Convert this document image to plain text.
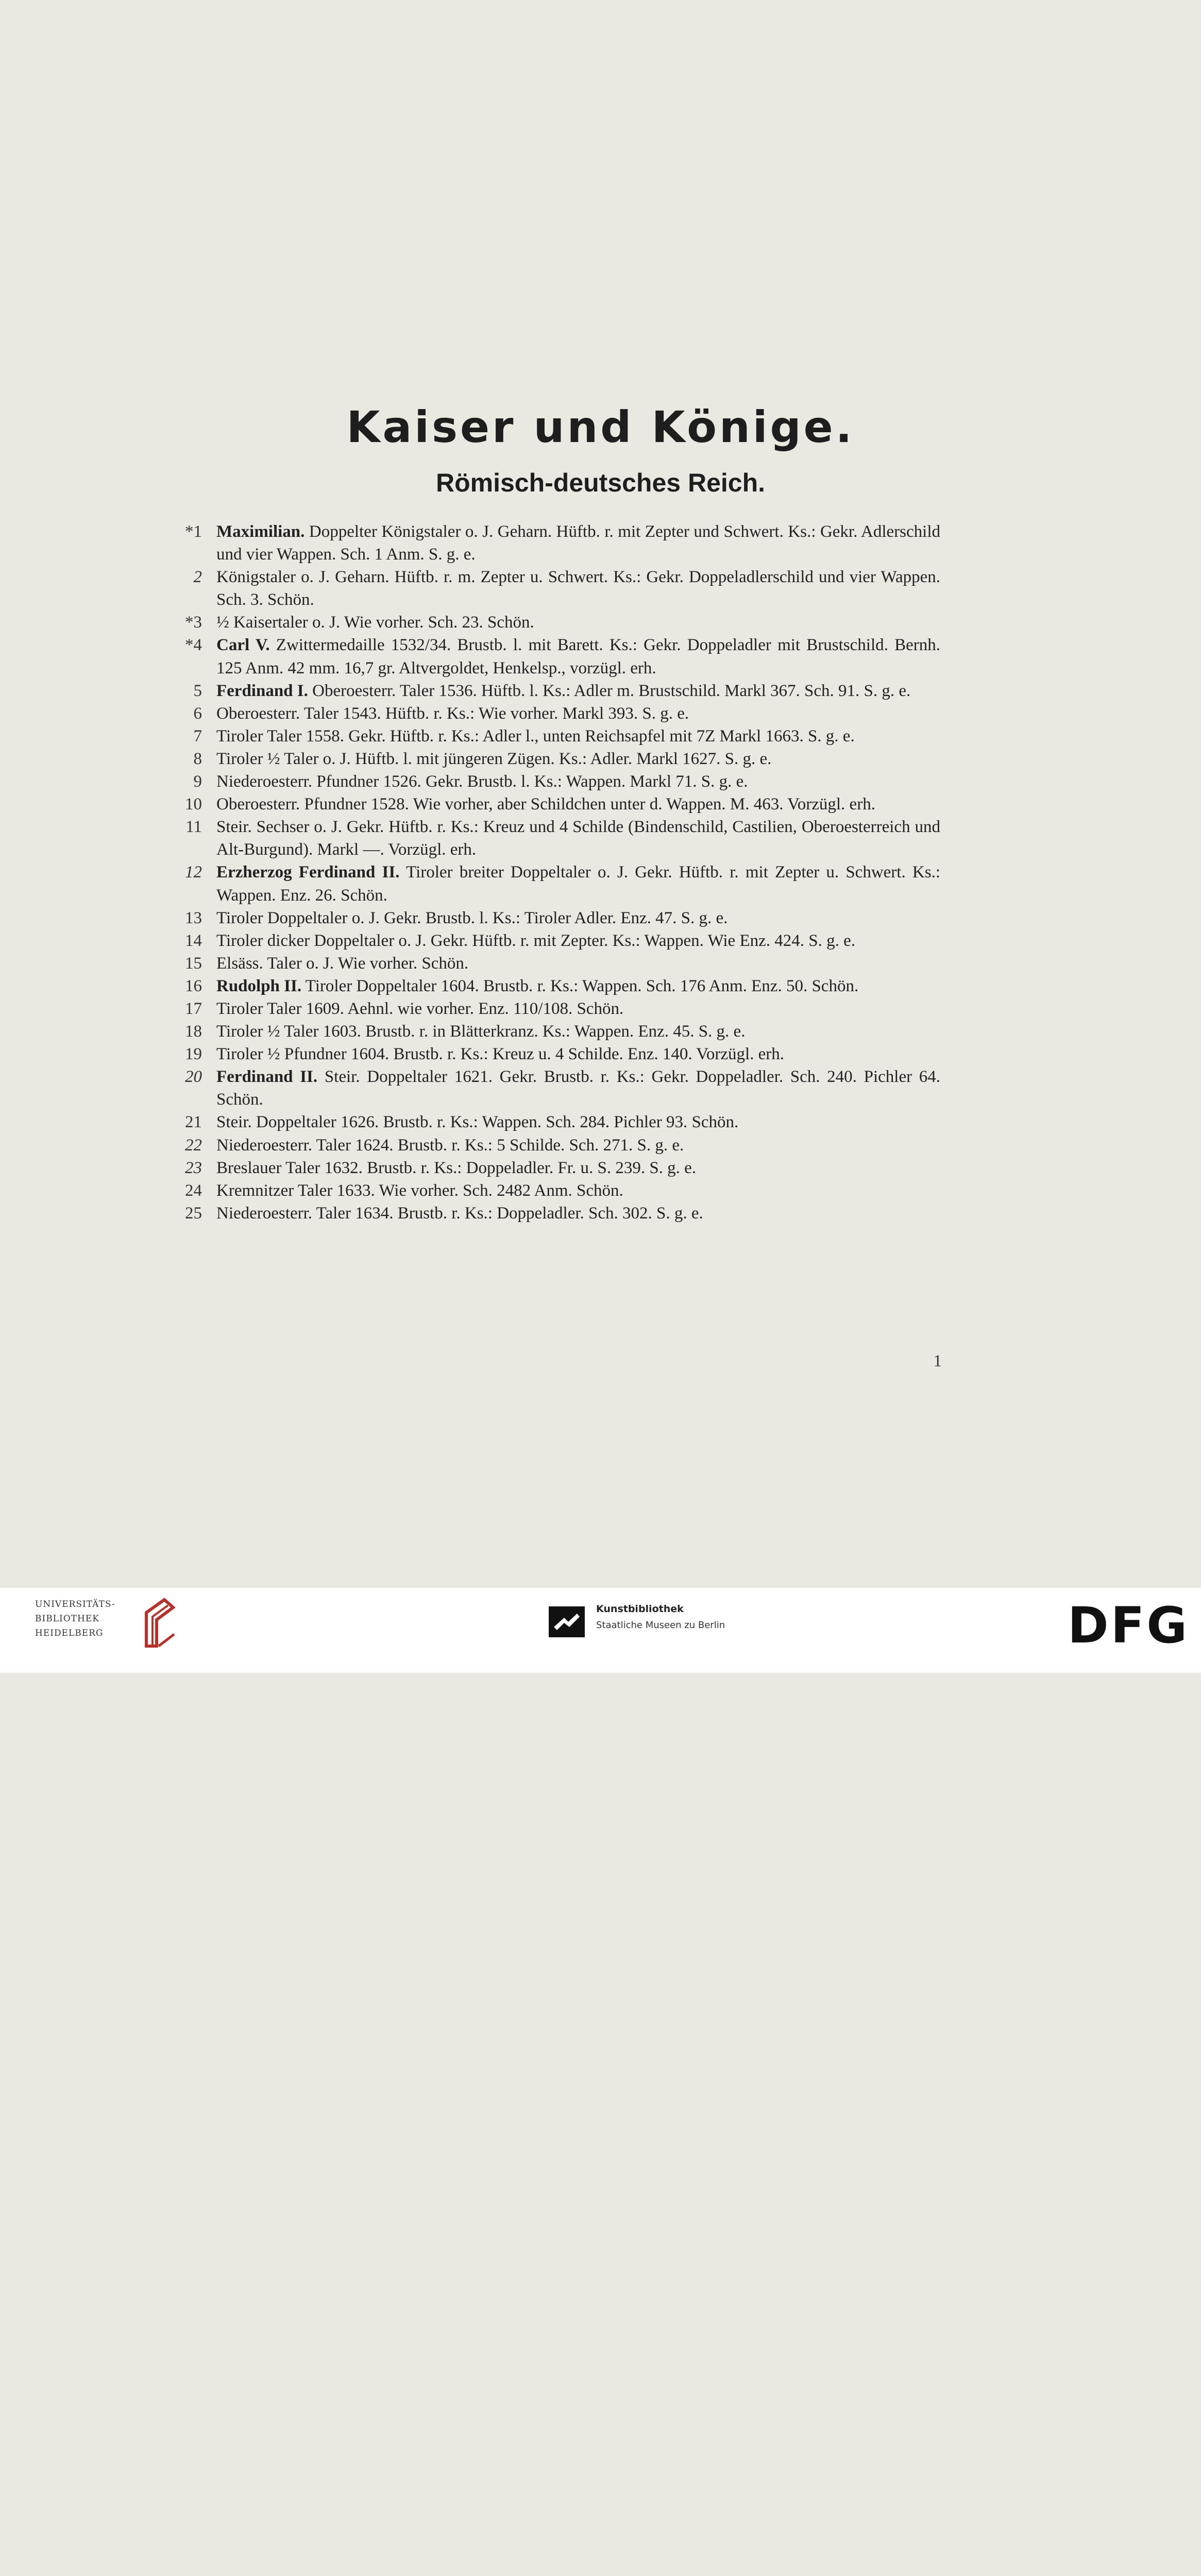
Kaiser und Könige.
Römisch-deutsches Reich.
*1 Maximilian. Doppelter Königstaler o. J. Geharn. Hüftb. r. mit Zepter und Schwert. Ks.: Gekr. Adlerschild und vier Wappen. Sch. 1 Anm. S. g. e.
2 Königstaler o. J. Geharn. Hüftb. r. m. Zepter u. Schwert. Ks.: Gekr. Doppeladlerschild und vier Wappen. Sch. 3. Schön.
*3 ½ Kaisertaler o. J. Wie vorher. Sch. 23. Schön.
*4 Carl V. Zwittermedaille 1532/34. Brustb. l. mit Barett. Ks.: Gekr. Doppeladler mit Brustschild. Bernh. 125 Anm. 42 mm. 16,7 gr. Altvergoldet, Henkelsp., vorzügl. erh.
5 Ferdinand I. Oberoesterr. Taler 1536. Hüftb. l. Ks.: Adler m. Brustschild. Markl 367. Sch. 91. S. g. e.
6 Oberoesterr. Taler 1543. Hüftb. r. Ks.: Wie vorher. Markl 393. S. g. e.
7 Tiroler Taler 1558. Gekr. Hüftb. r. Ks.: Adler l., unten Reichsapfel mit 7Z Markl 1663. S. g. e.
8 Tiroler ½ Taler o. J. Hüftb. l. mit jüngeren Zügen. Ks.: Adler. Markl 1627. S. g. e.
9 Niederoesterr. Pfundner 1526. Gekr. Brustb. l. Ks.: Wappen. Markl 71. S. g. e.
10 Oberoesterr. Pfundner 1528. Wie vorher, aber Schildchen unter d. Wappen. M. 463. Vorzügl. erh.
11 Steir. Sechser o. J. Gekr. Hüftb. r. Ks.: Kreuz und 4 Schilde (Bindenschild, Castilien, Oberoesterreich und Alt-Burgund). Markl —. Vorzügl. erh.
12 Erzherzog Ferdinand II. Tiroler breiter Doppeltaler o. J. Gekr. Hüftb. r. mit Zepter u. Schwert. Ks.: Wappen. Enz. 26. Schön.
13 Tiroler Doppeltaler o. J. Gekr. Brustb. l. Ks.: Tiroler Adler. Enz. 47. S. g. e.
14 Tiroler dicker Doppeltaler o. J. Gekr. Hüftb. r. mit Zepter. Ks.: Wappen. Wie Enz. 424. S. g. e.
15 Elsäss. Taler o. J. Wie vorher. Schön.
16 Rudolph II. Tiroler Doppeltaler 1604. Brustb. r. Ks.: Wappen. Sch. 176 Anm. Enz. 50. Schön.
17 Tiroler Taler 1609. Aehnl. wie vorher. Enz. 110/108. Schön.
18 Tiroler ½ Taler 1603. Brustb. r. in Blätterkranz. Ks.: Wappen. Enz. 45. S. g. e.
19 Tiroler ½ Pfundner 1604. Brustb. r. Ks.: Kreuz u. 4 Schilde. Enz. 140. Vorzügl. erh.
20 Ferdinand II. Steir. Doppeltaler 1621. Gekr. Brustb. r. Ks.: Gekr. Doppeladler. Sch. 240. Pichler 64. Schön.
21 Steir. Doppeltaler 1626. Brustb. r. Ks.: Wappen. Sch. 284. Pichler 93. Schön.
22 Niederoesterr. Taler 1624. Brustb. r. Ks.: 5 Schilde. Sch. 271. S. g. e.
23 Breslauer Taler 1632. Brustb. r. Ks.: Doppeladler. Fr. u. S. 239. S. g. e.
24 Kremnitzer Taler 1633. Wie vorher. Sch. 2482 Anm. Schön.
25 Niederoesterr. Taler 1634. Brustb. r. Ks.: Doppeladler. Sch. 302. S. g. e.
1
UNIVERSITÄTS-
BIBLIOTHEK
HEIDELBERG
Kunstbibliothek
Staatliche Museen zu Berlin	DFG
